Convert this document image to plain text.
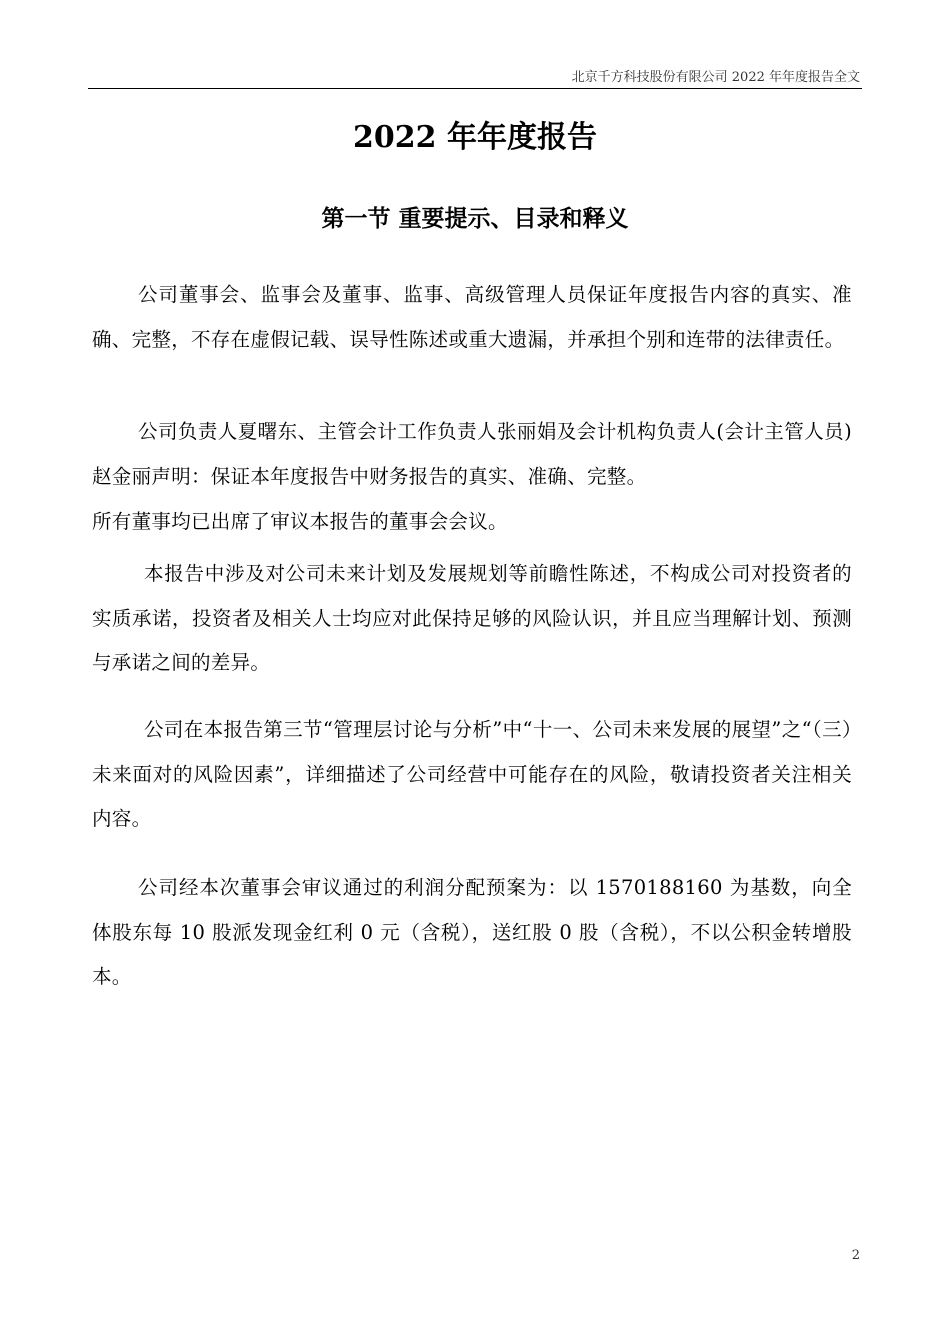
北京千方科技股份有限公司 2022 年年度报告全文
2022 年年度报告
第一节 重要提示、目录和释义

公司董事会、监事会及董事、监事、高级管理人员保证年度报告内容的真实、准确、完整，不存在虚假记载、误导性陈述或重大遗漏，并承担个别和连带的法律责任。

公司负责人夏曙东、主管会计工作负责人张丽娟及会计机构负责人(会计主管人员)赵金丽声明：保证本年度报告中财务报告的真实、准确、完整。

所有董事均已出席了审议本报告的董事会会议。

本报告中涉及对公司未来计划及发展规划等前瞻性陈述，不构成公司对投资者的实质承诺，投资者及相关人士均应对此保持足够的风险认识，并且应当理解计划、预测与承诺之间的差异。

公司在本报告第三节“管理层讨论与分析”中“十一、公司未来发展的展望”之“（三）未来面对的风险因素”，详细描述了公司经营中可能存在的风险，敬请投资者关注相关内容。

公司经本次董事会审议通过的利润分配预案为：以 1570188160 为基数，向全体股东每 10 股派发现金红利 0 元（含税），送红股 0 股（含税），不以公积金转增股本。

2
